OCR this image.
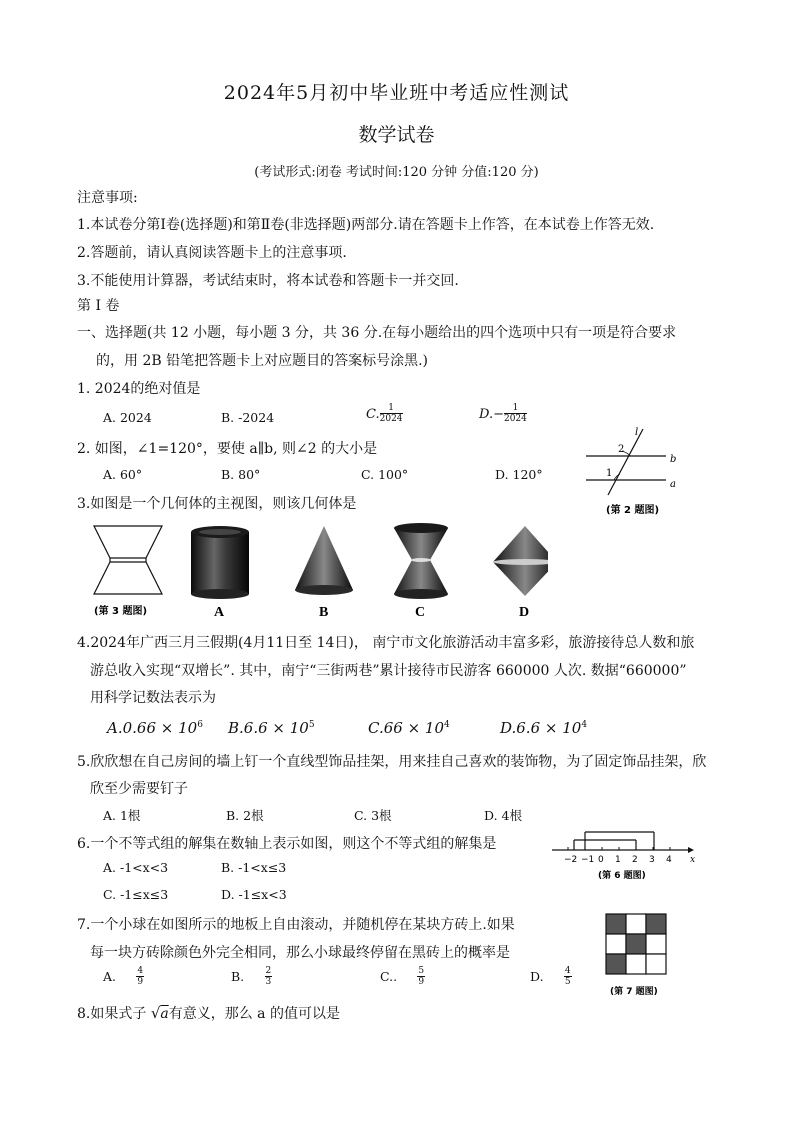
2024年5月初中毕业班中考适应性测试
数学试卷
(考试形式:闭卷 考试时间:120 分钟 分值:120 分)
注意事项:
1.本试卷分第Ⅰ卷(选择题)和第Ⅱ卷(非选择题)两部分.请在答题卡上作答，在本试卷上作答无效.
2.答题前，请认真阅读答题卡上的注意事项.
3.不能使用计算器，考试结束时，将本试卷和答题卡一并交回.
第 Ⅰ 卷
一、选择题(共 12 小题，每小题 3 分，共 36 分.在每小题给出的四个选项中只有一项是符合要求
的，用 2B 铅笔把答题卡上对应题目的答案标号涂黑.)
1. 2024的绝对值是
A. 2024	B. -2024	C. $\frac{1}{2024}$	$D.- \frac{1}{2024}$
2. 如图，∠1=120°，要使 a∥b, 则∠2 的大小是
A. 60°	B. 80°	C. 100°	D. 120°
l
b
a
2
1
(第 2 题图)
3.如图是一个几何体的主视图，则该几何体是
(第 3 题图)	A	B	C	D
4.2024年广西三月三假期(4月11日至 14日)， 南宁市文化旅游活动丰富多彩，旅游接待总人数和旅
游总收入实现“双增长”. 其中，南宁“三街两巷”累计接待市民游客 660000 人次. 数据“660000”
用科学记数法表示为
$A.0.66 \times 10^6$ $B.6.6 \times 10^5$	$C.66 \times 10^4$	$D.6.6 \times 10^4$
5.欣欣想在自己房间的墙上钉一个直线型饰品挂架，用来挂自己喜欢的装饰物，为了固定饰品挂架，欣
欣至少需要钉子
A. 1根	B. 2根	C. 3根	D. 4根
6.一个不等式组的解集在数轴上表示如图，则这个不等式组的解集是
A. -1<x<3	B. -1<x≤3
C. -1≤x≤3	D. -1≤x<3
−2 −1 0 1 2 3 4 x
(第 6 题图)
7.一个小球在如图所示的地板上自由滚动，并随机停在某块方砖上.如果
每一块方砖除颜色外完全相同，那么小球最终停留在黑砖上的概率是
A. $\frac{4}{9}$	B. $\frac{2}{3}$	C.. $\frac{5}{9}$	D. $\frac{4}{5}$
(第 7 题图)
8.如果式子 √a有意义，那么 a 的值可以是
